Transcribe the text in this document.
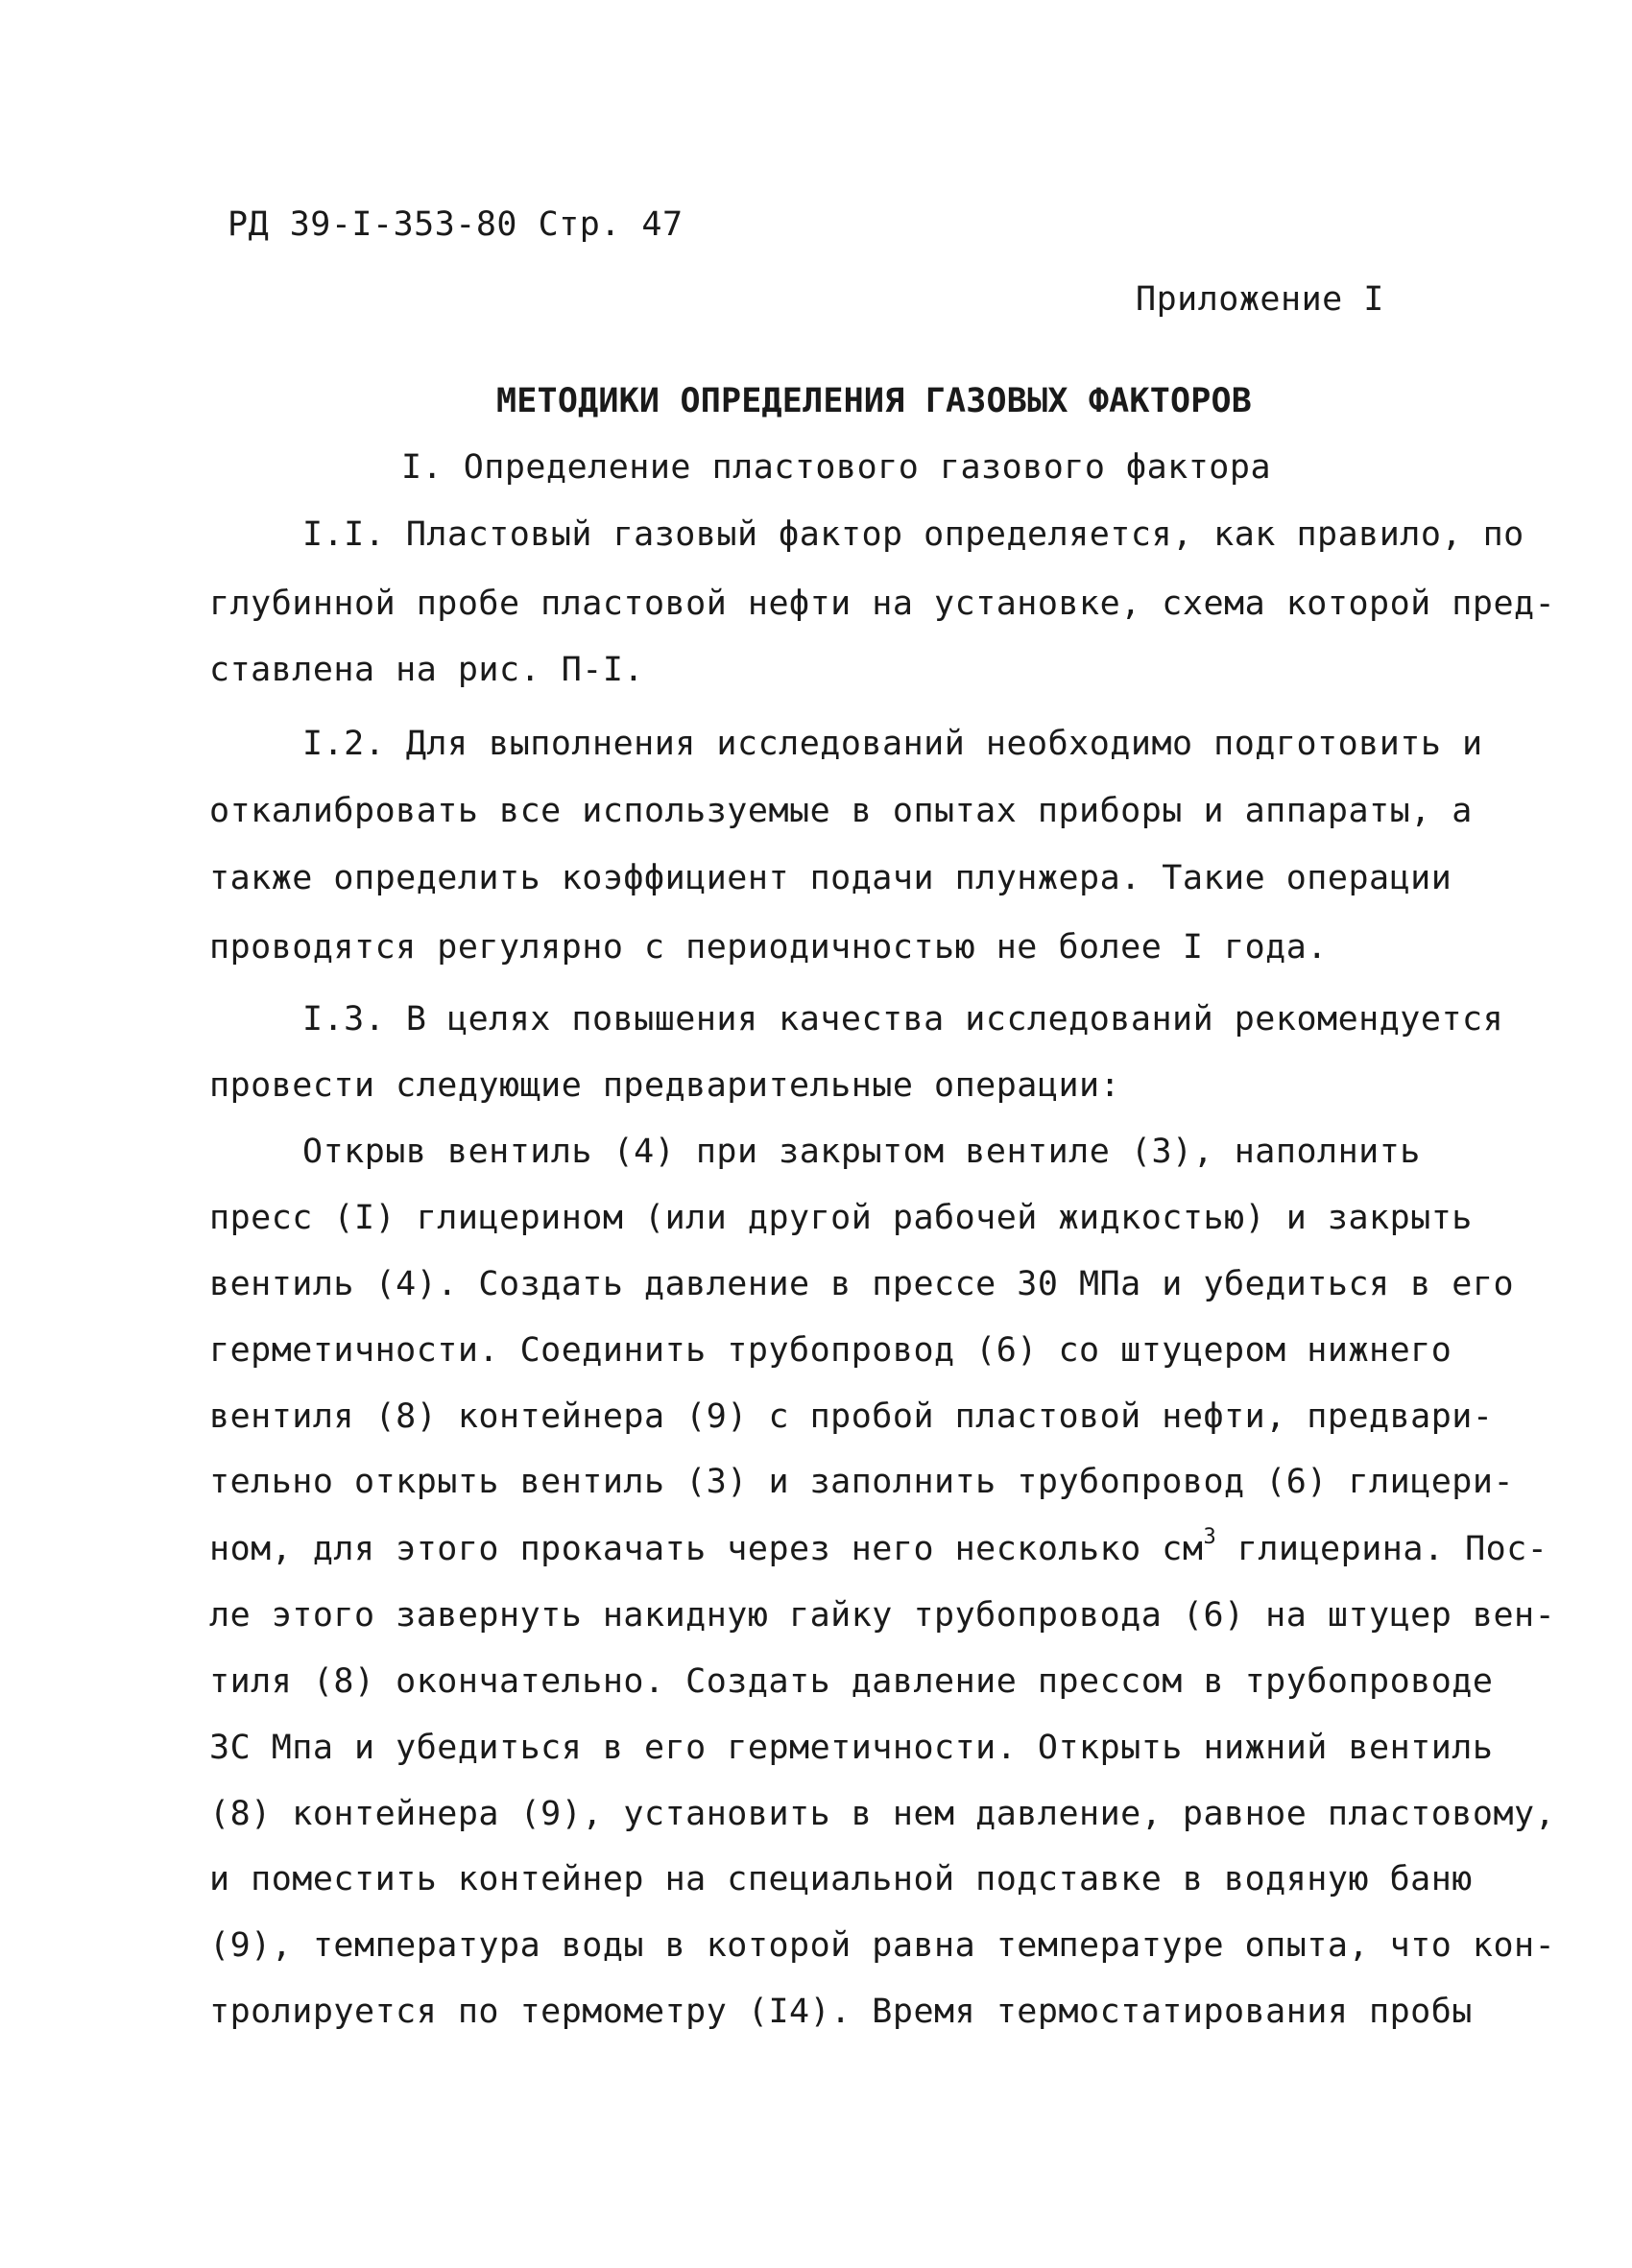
РД 39-I-353-80 Стр. 47
Приложение I
МЕТОДИКИ ОПРЕДЕЛЕНИЯ ГАЗОВЫХ ФАКТОРОВ
I. Определение пластового газового фактора
I.I. Пластовый газовый фактор определяется, как правило, по
глубинной пробе пластовой нефти на установке, схема которой пред-
ставлена на рис. П-I.
I.2. Для выполнения исследований необходимо подготовить и
откалибровать все используемые в опытах приборы и аппараты, а
также определить коэффициент подачи плунжера. Такие операции
проводятся регулярно с периодичностью не более I года.
I.3. В целях повышения качества исследований рекомендуется
провести следующие предварительные операции:
Открыв вентиль (4) при закрытом вентиле (3), наполнить
пресс (I) глицерином (или другой рабочей жидкостью) и закрыть
вентиль (4). Создать давление в прессе 30 МПа и убедиться в его
герметичности. Соединить трубопровод (6) со штуцером нижнего
вентиля (8) контейнера (9) с пробой пластовой нефти, предвари-
тельно открыть вентиль (3) и заполнить трубопровод (6) глицери-
ном, для этого прокачать через него несколько $см^3$ глицерина. Пос-
ле этого завернуть накидную гайку трубопровода (6) на штуцер вен-
тиля (8) окончательно. Создать давление прессом в трубопроводе
3С Мпа и убедиться в его герметичности. Открыть нижний вентиль
(8) контейнера (9), установить в нем давление, равное пластовому,
и поместить контейнер на специальной подставке в водяную баню
(9), температура воды в которой равна температуре опыта, что кон-
тролируется по термометру (I4). Время термостатирования пробы
